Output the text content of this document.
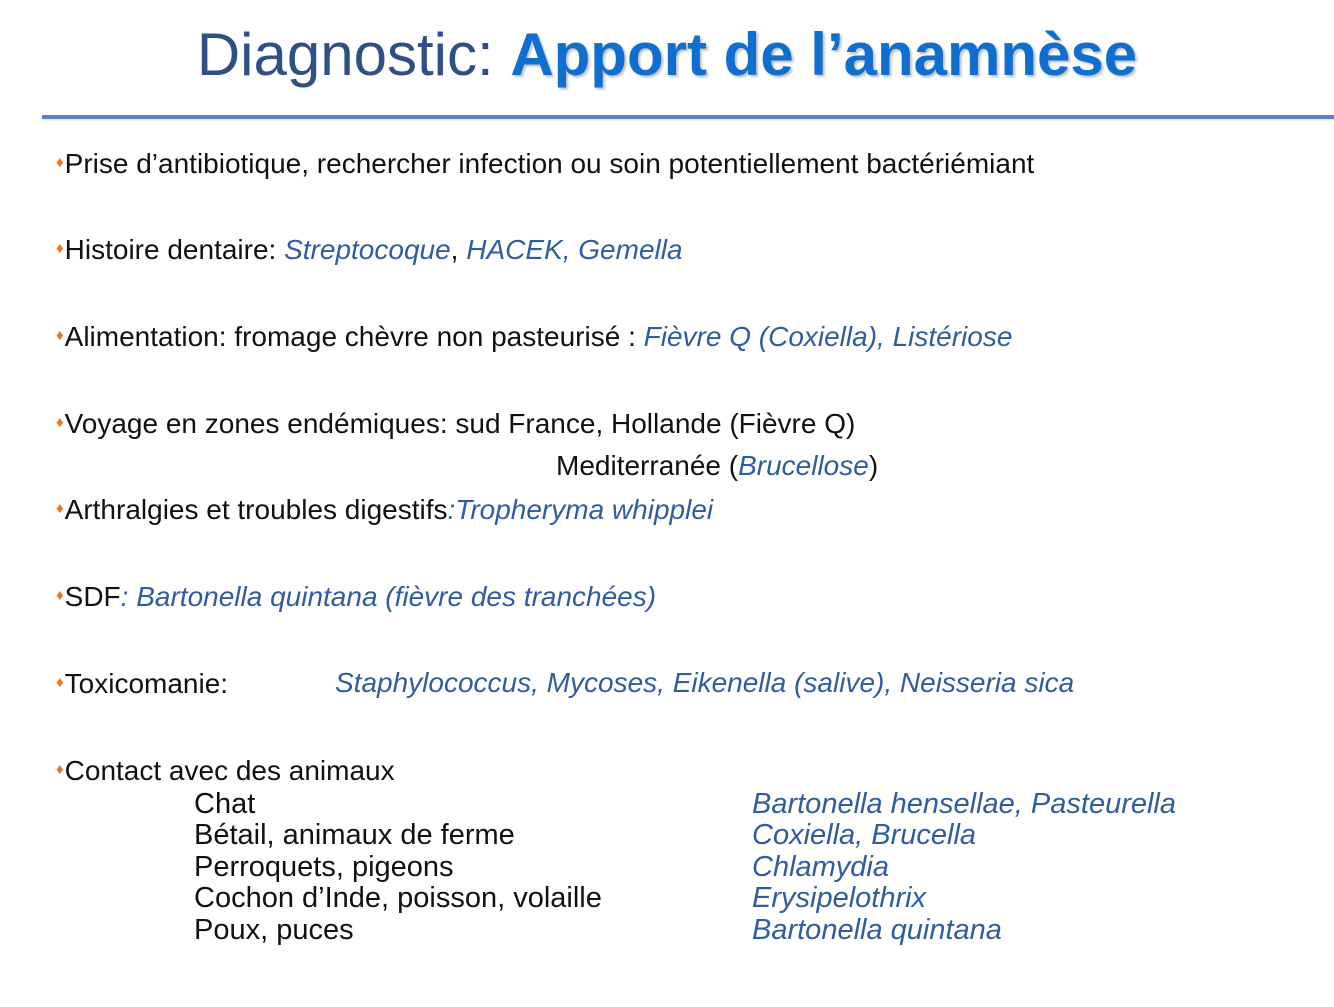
Diagnostic: Apport de l’anamnèse
♦Prise d’antibiotique, rechercher infection ou soin potentiellement bactériémiant
♦Histoire dentaire: Streptocoque, HACEK, Gemella
♦Alimentation: fromage chèvre non pasteurisé : Fièvre Q (Coxiella), Listériose
♦Voyage en zones endémiques: sud France, Hollande (Fièvre Q)
Mediterranée (Brucellose)
♦Arthralgies et troubles digestifs:Tropheryma whipplei
♦SDF: Bartonella quintana (fièvre des tranchées)
♦Toxicomanie:	Staphylococcus, Mycoses, Eikenella (salive), Neisseria sica
♦Contact avec des animaux
Chat	Bartonella hensellae, Pasteurella
Bétail, animaux de ferme	Coxiella, Brucella
Perroquets, pigeons	Chlamydia
Cochon d’Inde, poisson, volaille	Erysipelothrix
Poux, puces	Bartonella quintana
